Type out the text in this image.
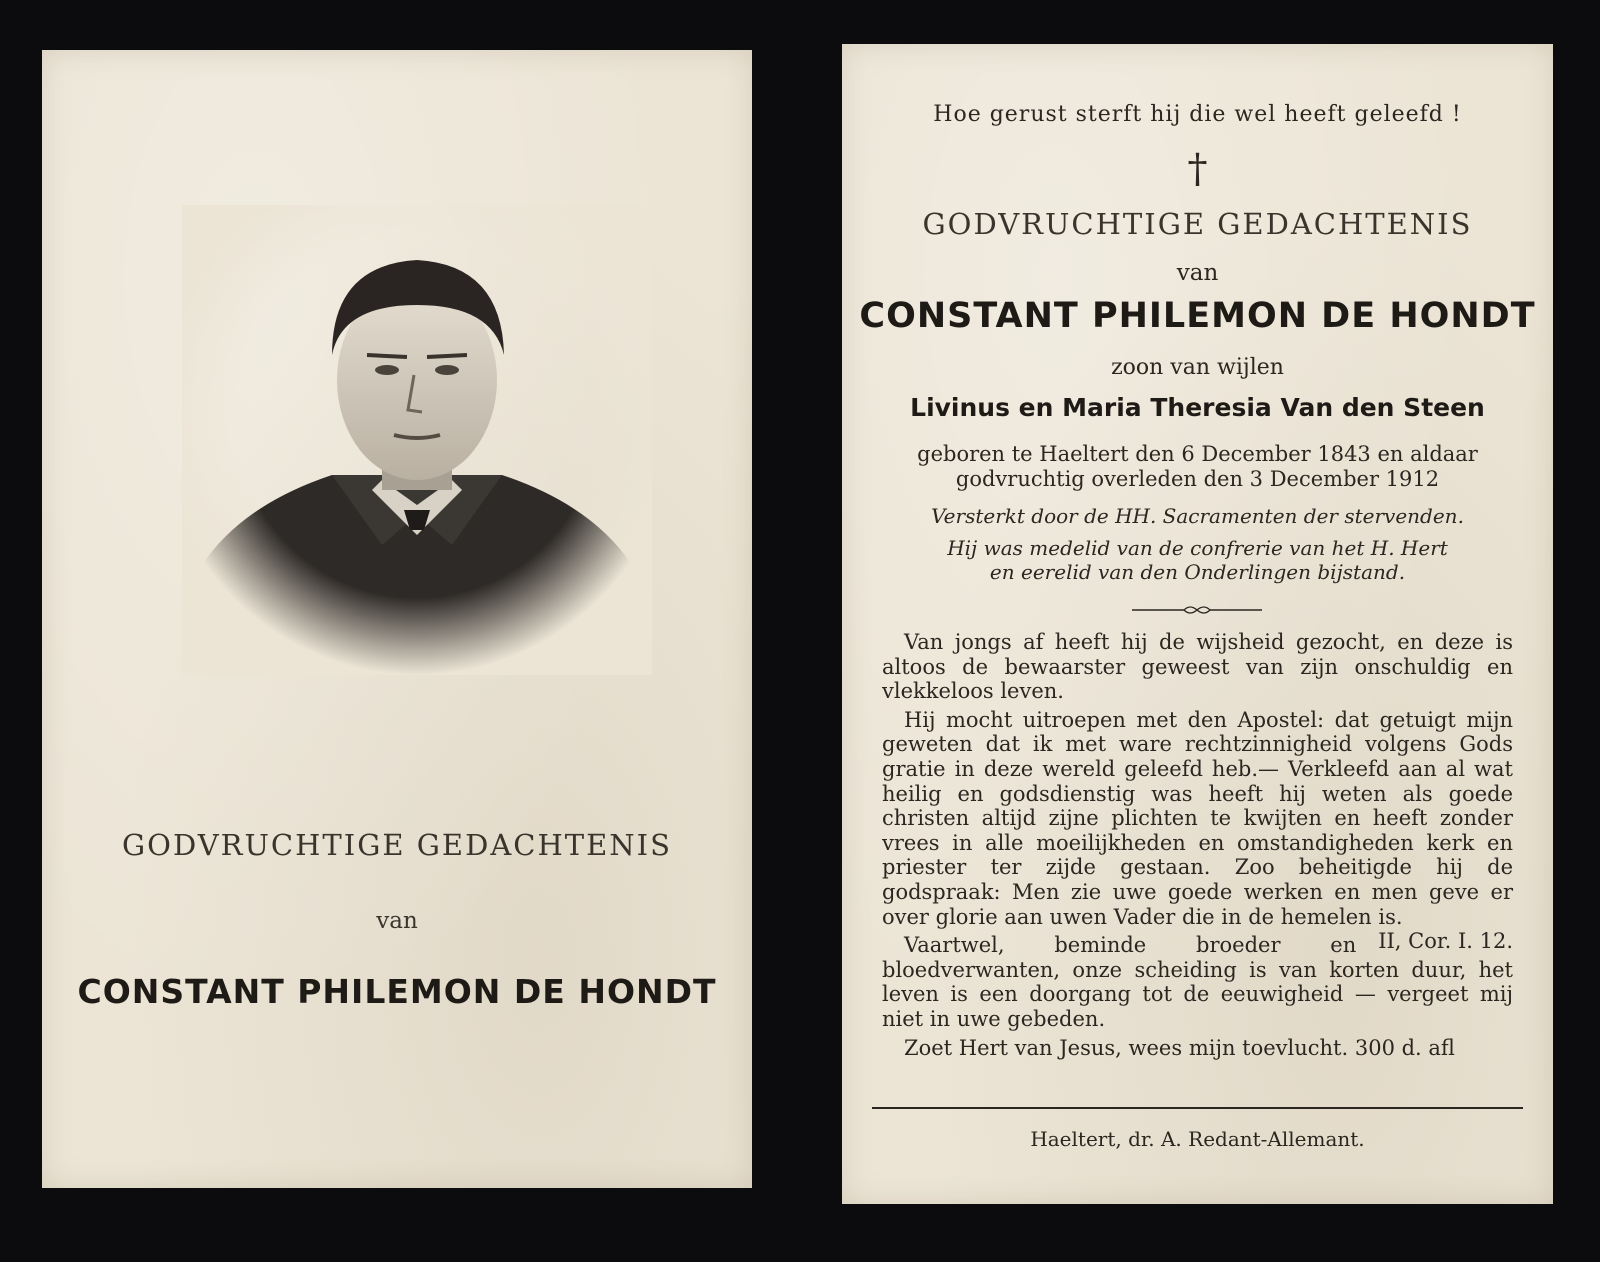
GODVRUCHTIGE GEDACHTENIS
van
CONSTANT PHILEMON DE HONDT
Hoe gerust sterft hij die wel heeft geleefd !
†
GODVRUCHTIGE GEDACHTENIS
van
CONSTANT PHILEMON DE HONDT
zoon van wijlen
Livinus en Maria Theresia Van den Steen
geboren te Haeltert den 6 December 1843 en aldaar
godvruchtig overleden den 3 December 1912
Versterkt door de HH. Sacramenten der stervenden.
Hij was medelid van de confrerie van het H. Hert
en eerelid van den Onderlingen bijstand.

Van jongs af heeft hij de wijsheid gezocht, en deze is altoos de bewaarster geweest van zijn onschuldig en vlekkeloos leven.

Hij mocht uitroepen met den Apostel: dat getuigt mijn geweten dat ik met ware rechtzinnigheid volgens Gods gratie in deze wereld geleefd heb.— Verkleefd aan al wat heilig en godsdienstig was heeft hij weten als goede christen altijd zijne plichten te kwijten en heeft zonder vrees in alle moeilijkheden en omstandigheden kerk en priester ter zijde gestaan. Zoo beheitigde hij de godspraak: Men zie uwe goede werken en men geve er over glorie aan uwen Vader die in de hemelen is.
II, Cor. I. 12.

Vaartwel, beminde broeder en bloedverwanten, onze scheiding is van korten duur, het leven is een doorgang tot de eeuwigheid — vergeet mij niet in uwe gebeden.

Zoet Hert van Jesus, wees mijn toevlucht. 300 d. afl

Haeltert, dr. A. Redant-Allemant.
